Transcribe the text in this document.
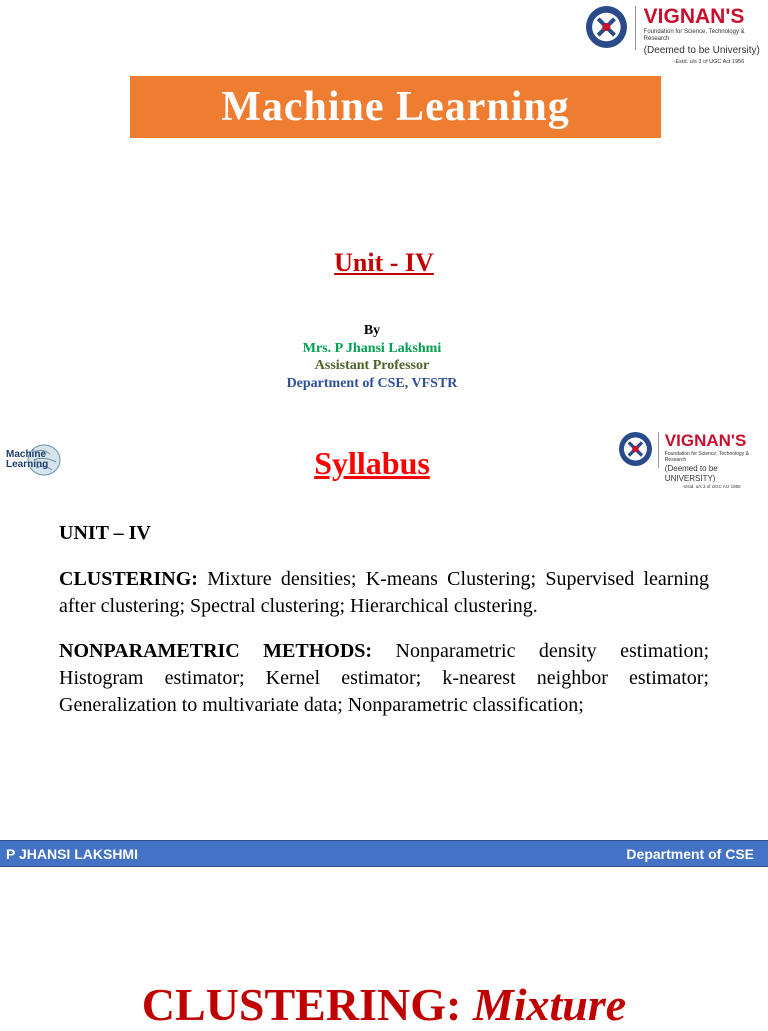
VIGNAN'S
Foundation for Science, Technology & Research
(Deemed to be University)
-Estd. u/s 3 of UGC Act 1956
Machine Learning
Unit - IV
By
Mrs. P Jhansi Lakshmi
Assistant Professor
Department of CSE, VFSTR
Machine
Learning	Syllabus
VIGNAN'S
Foundation for Science, Technology & Research
(Deemed to be UNIVERSITY)
-Estd. u/s 3 of UGC Act 1956
UNIT – IV
CLUSTERING: Mixture densities; K-means Clustering; Supervised learning after clustering; Spectral clustering; Hierarchical clustering.
NONPARAMETRIC METHODS: Nonparametric density estimation; Histogram estimator; Kernel estimator; k-nearest neighbor estimator; Generalization to multivariate data; Nonparametric classification;
P JHANSI LAKSHMI	Department of CSE
CLUSTERING: Mixture
